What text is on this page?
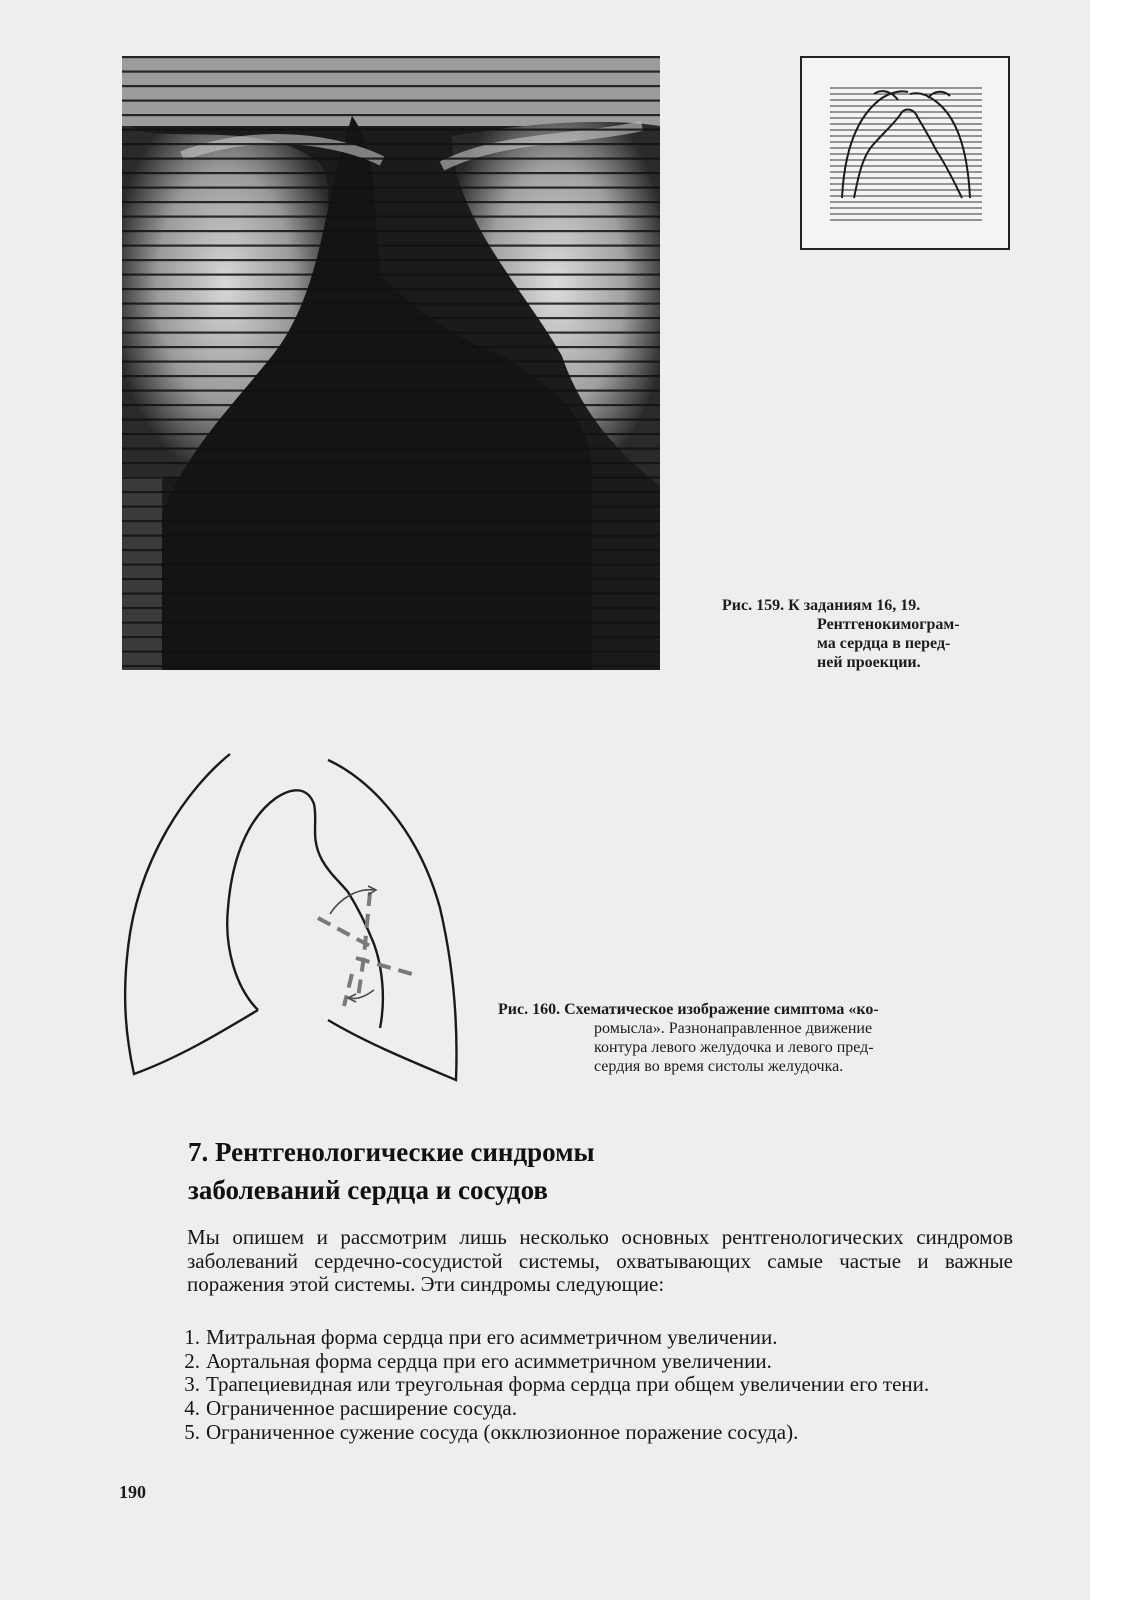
Рис. 159. К заданиям 16, 19.
Рентгенокимограм-
ма сердца в перед-
ней проекции.
Рис. 160. Схематическое изображение симптома «ко-
ромысла». Разнонаправленное движение
контура левого желудочка и левого пред-
сердия во время систолы желудочка.
7. Рентгенологические синдромы
заболеваний сердца и сосудов

Мы опишем и рассмотрим лишь несколько основных рентгенологических синдромов заболеваний сердечно-сосудистой системы, охватывающих самые частые и важные поражения этой системы. Эти синдромы следующие:

1. Митральная форма сердца при его асимметричном увеличении.
2. Аортальная форма сердца при его асимметричном увеличении.
3. Трапециевидная или треугольная форма сердца при общем увеличении его тени.
4. Ограниченное расширение сосуда.
5. Ограниченное сужение сосуда (окклюзионное поражение сосуда).
190
